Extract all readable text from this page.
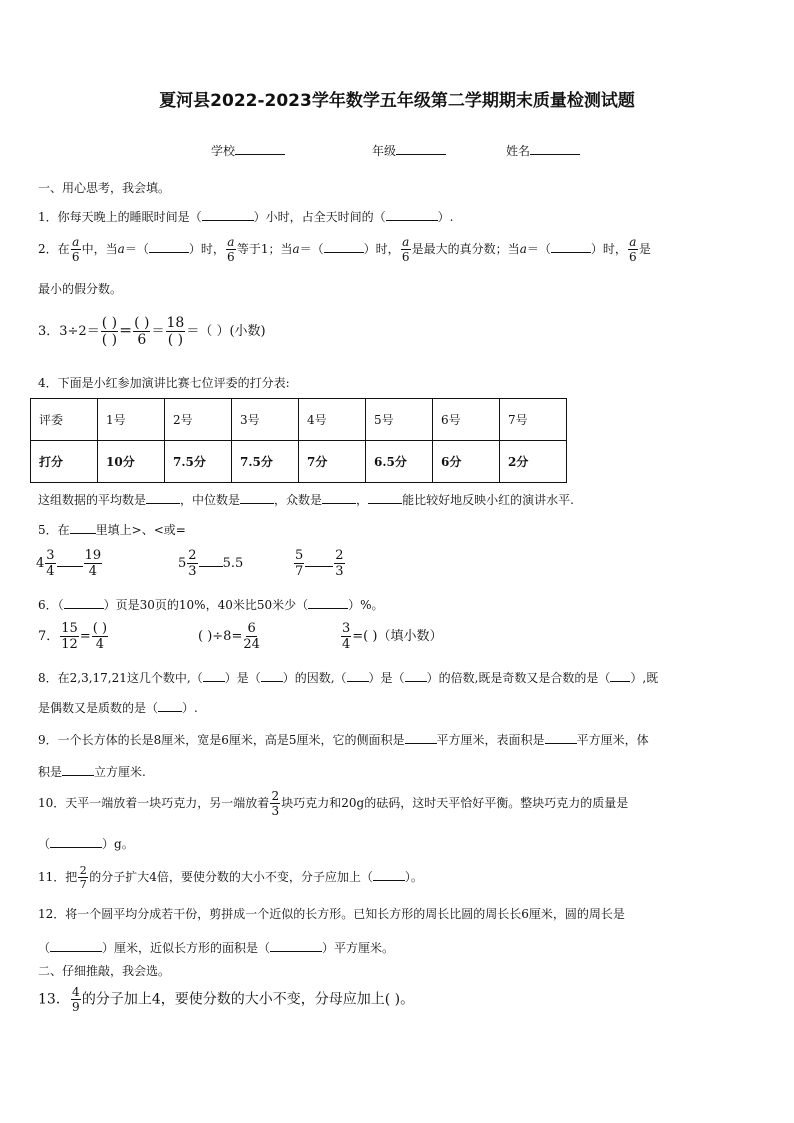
夏河县2022-2023学年数学五年级第二学期期末质量检测试题
学校	年级	姓名
一、用心思考，我会填。
1．你每天晚上的睡眠时间是（	）小时，占全天时间的（	）.
2．在 $\frac{a}{6}$ 中，当a＝（	）时， $\frac{a}{6}$ 等于1；当a＝（	）时， $\frac{a}{6}$ 是最大的真分数；当a＝（	）时， $\frac{a}{6}$ 是
最小的假分数。
3．$3\div 2= \frac{( )}{( )} = \frac{( )}{6} = \frac{18}{( )}$ ＝（ ）(小数)
4．下面是小红参加演讲比赛七位评委的打分表:
评委	1号	2号	3号	4号	5号	6号	7号
打分	10分	7.5分	7.5分	7分	6.5分	6分	2分
这组数据的平均数是	，中位数是	，众数是	，	能比较好地反映小红的演讲水平.
5．在 里填上>、<或=
$4 \frac{3}{4} \frac{19}{4}$	$5 \frac{2}{3} 5.5$	$\frac{5}{7} \frac{2}{3}$
6．（	）页是30页的10%，40米比50米少（	）%。
7． $\frac{15}{12} = \frac{( )}{4}$	( )$\div 8= \frac{6}{24}$	$\frac{3}{4}$ =( )（填小数）
8．在2,3,17,21这几个数中,（ ）是（ ）的因数,（ ）是（ ）的倍数,既是奇数又是合数的是（ ）,既
是偶数又是质数的是（ ）.
9．一个长方体的长是8厘米，宽是6厘米，高是5厘米，它的侧面积是	平方厘米，表面积是	平方厘米，体
积是	立方厘米.
10．天平一端放着一块巧克力，另一端放着 $\frac{2}{3}$ 块巧克力和20g的砝码，这时天平恰好平衡。整块巧克力的质量是
（	）g。
11．把 $\frac{2}{7}$ 的分子扩大4倍，要使分数的大小不变，分子应加上（	）。
12．将一个圆平均分成若干份，剪拼成一个近似的长方形。已知长方形的周长比圆的周长长6厘米，圆的周长是
（	）厘米，近似长方形的面积是（	）平方厘米。
二、仔细推敲，我会选。
13． $\frac{4}{9}$ 的分子加上4，要使分数的大小不变，分母应加上( )。
